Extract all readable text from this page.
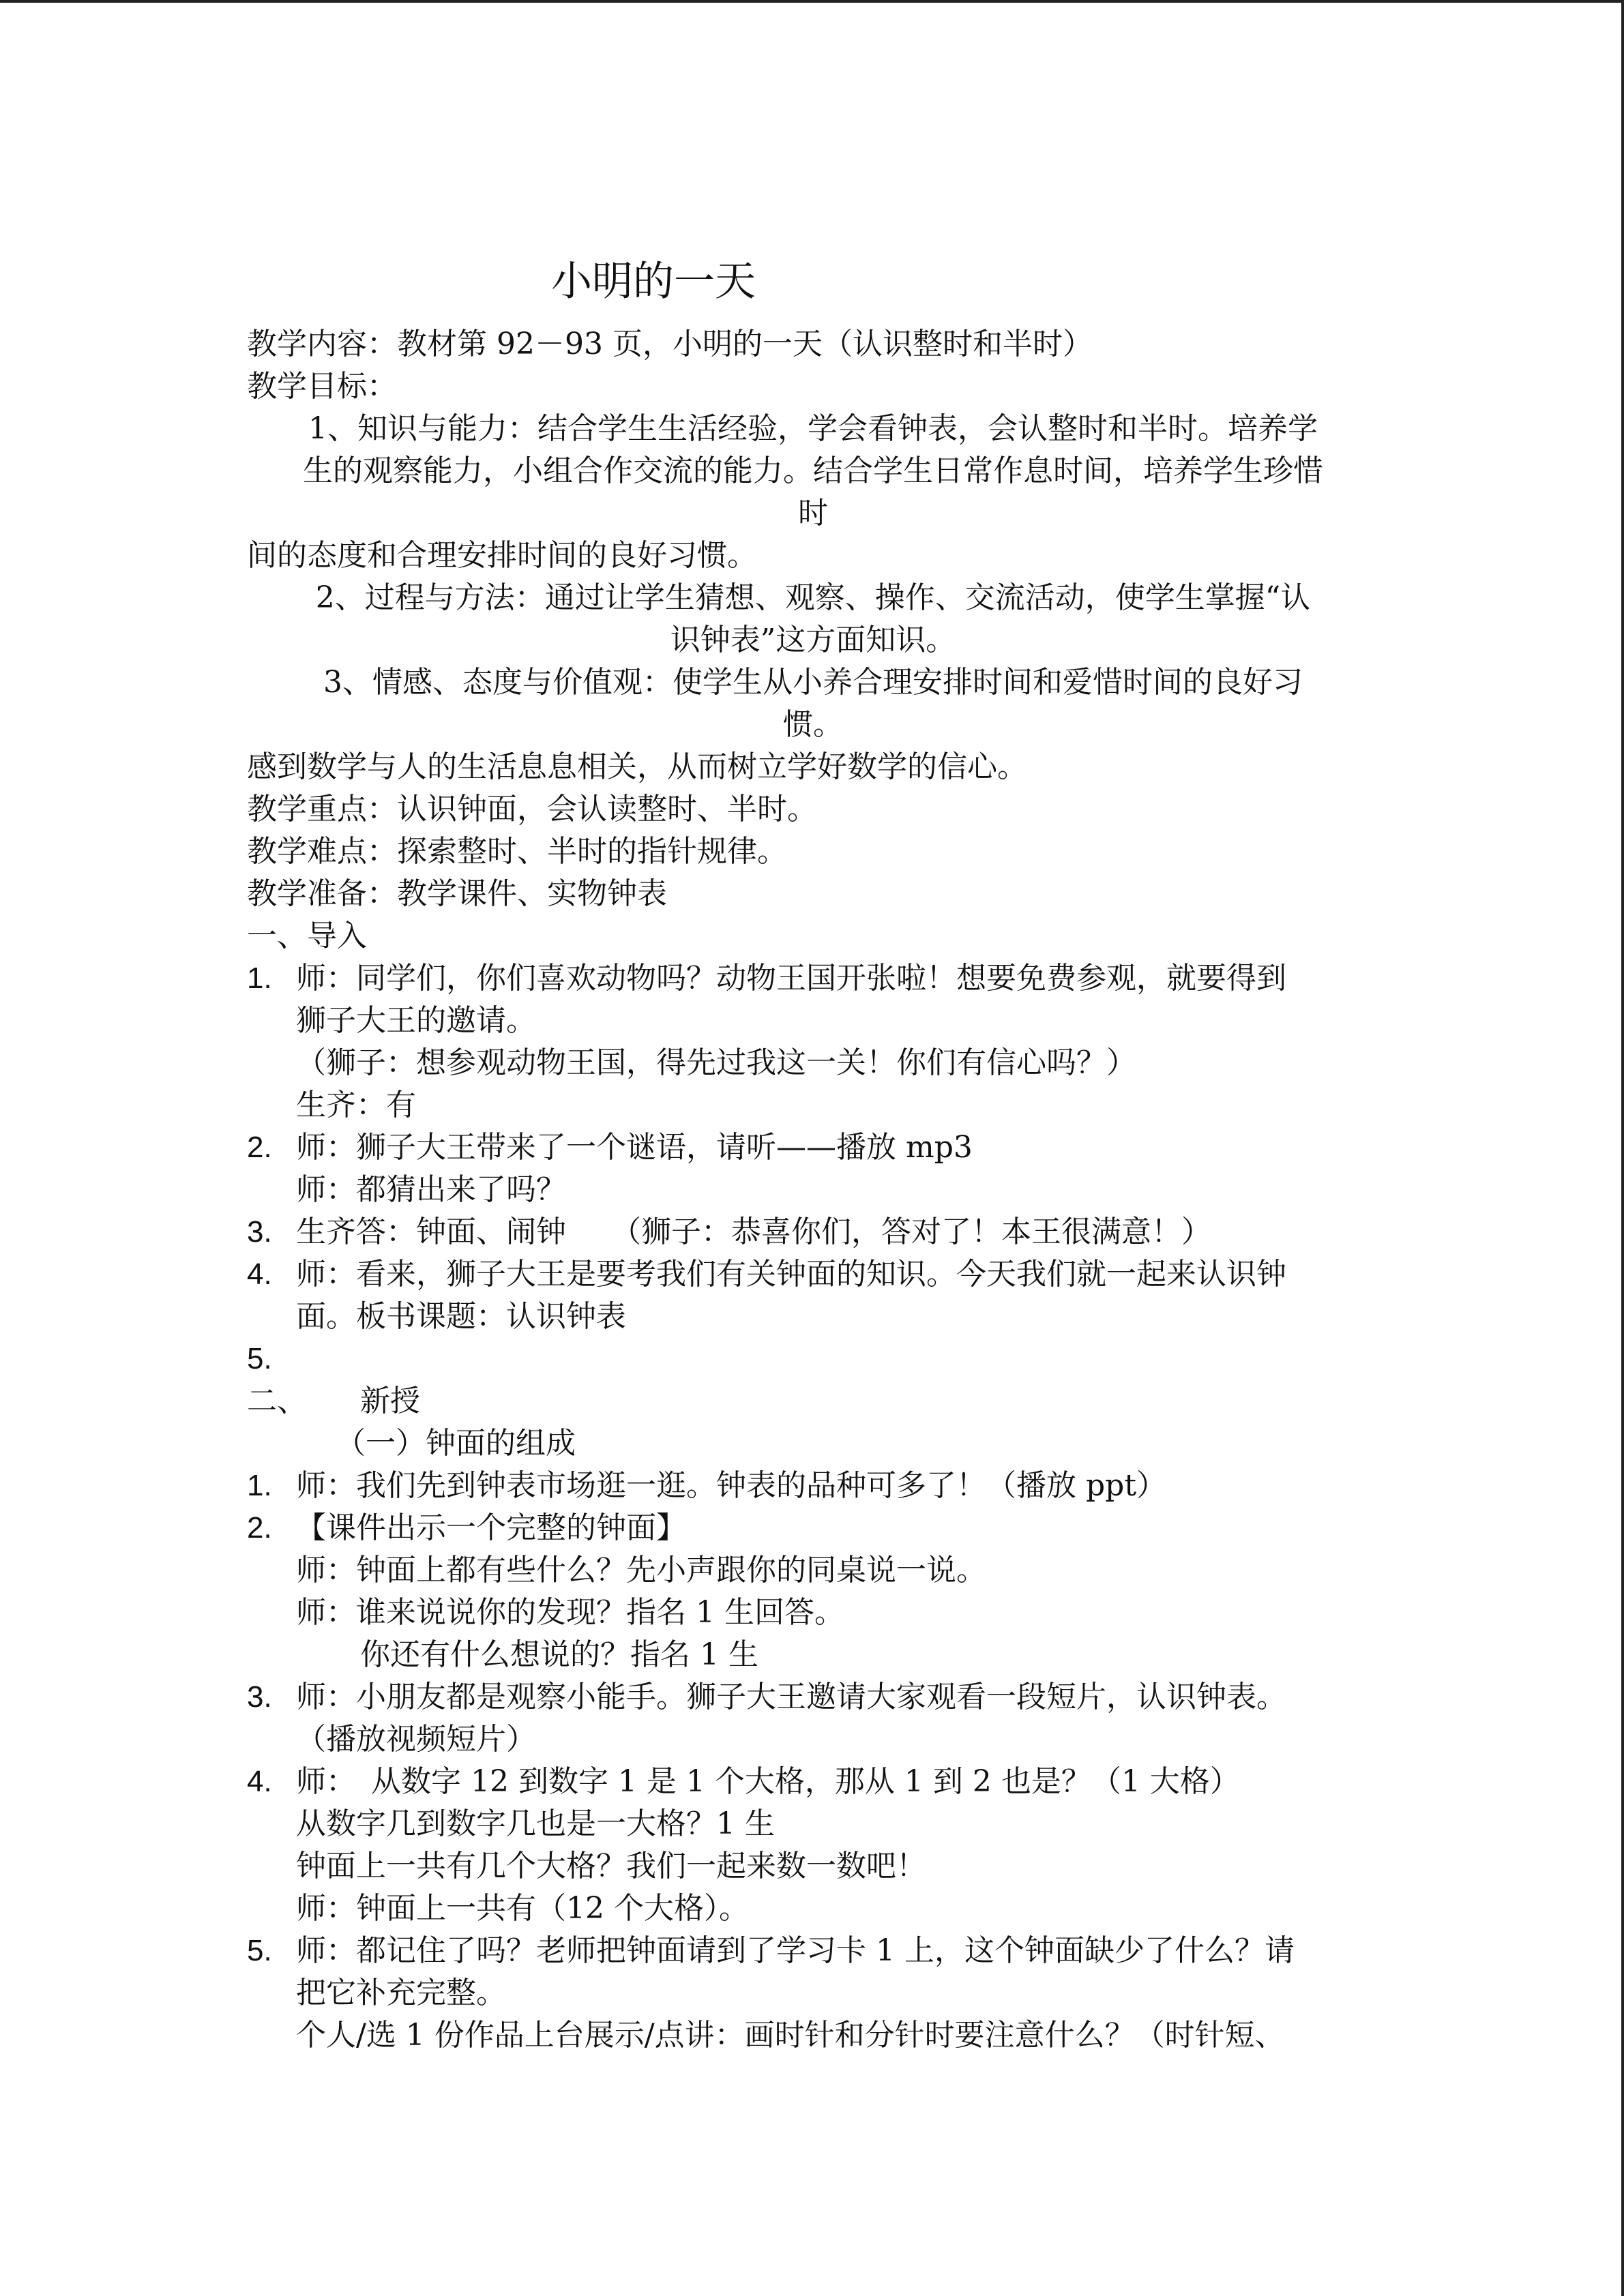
小明的一天
教学内容：教材第 92－93 页，小明的一天（认识整时和半时）
教学目标：
1、知识与能力：结合学生生活经验，学会看钟表，会认整时和半时。培养学
生的观察能力，小组合作交流的能力。结合学生日常作息时间，培养学生珍惜
时
间的态度和合理安排时间的良好习惯。
2、过程与方法：通过让学生猜想、观察、操作、交流活动，使学生掌握“认
识钟表”这方面知识。
3、情感、态度与价值观：使学生从小养合理安排时间和爱惜时间的良好习
惯。
感到数学与人的生活息息相关，从而树立学好数学的信心。
教学重点：认识钟面，会认读整时、半时。
教学难点：探索整时、半时的指针规律。
教学准备：教学课件、实物钟表
一、导入
1. 师：同学们，你们喜欢动物吗？动物王国开张啦！想要免费参观，就要得到
狮子大王的邀请。
（狮子：想参观动物王国，得先过我这一关！你们有信心吗？）
生齐：有
2. 师：狮子大王带来了一个谜语，请听——播放 mp3
师：都猜出来了吗？
3. 生齐答：钟面、闹钟　　（狮子：恭喜你们，答对了！本王很满意！）
4. 师：看来，狮子大王是要考我们有关钟面的知识。今天我们就一起来认识钟
面。板书课题：认识钟表
5.
二、 新授
（一）钟面的组成
1. 师：我们先到钟表市场逛一逛。钟表的品种可多了！（播放 ppt）
2. 【课件出示一个完整的钟面】
师：钟面上都有些什么？先小声跟你的同桌说一说。
师：谁来说说你的发现？指名 1 生回答。
你还有什么想说的？指名 1 生
3. 师：小朋友都是观察小能手。狮子大王邀请大家观看一段短片，认识钟表。
（播放视频短片）
4. 师：　从数字 12 到数字 1 是 1 个大格，那从 1 到 2 也是？（1 大格）
从数字几到数字几也是一大格？1 生
钟面上一共有几个大格？我们一起来数一数吧！
师：钟面上一共有（12 个大格）。
5. 师：都记住了吗？老师把钟面请到了学习卡 1 上，这个钟面缺少了什么？请
把它补充完整。
个人/选 1 份作品上台展示/点讲：画时针和分针时要注意什么？（时针短、
